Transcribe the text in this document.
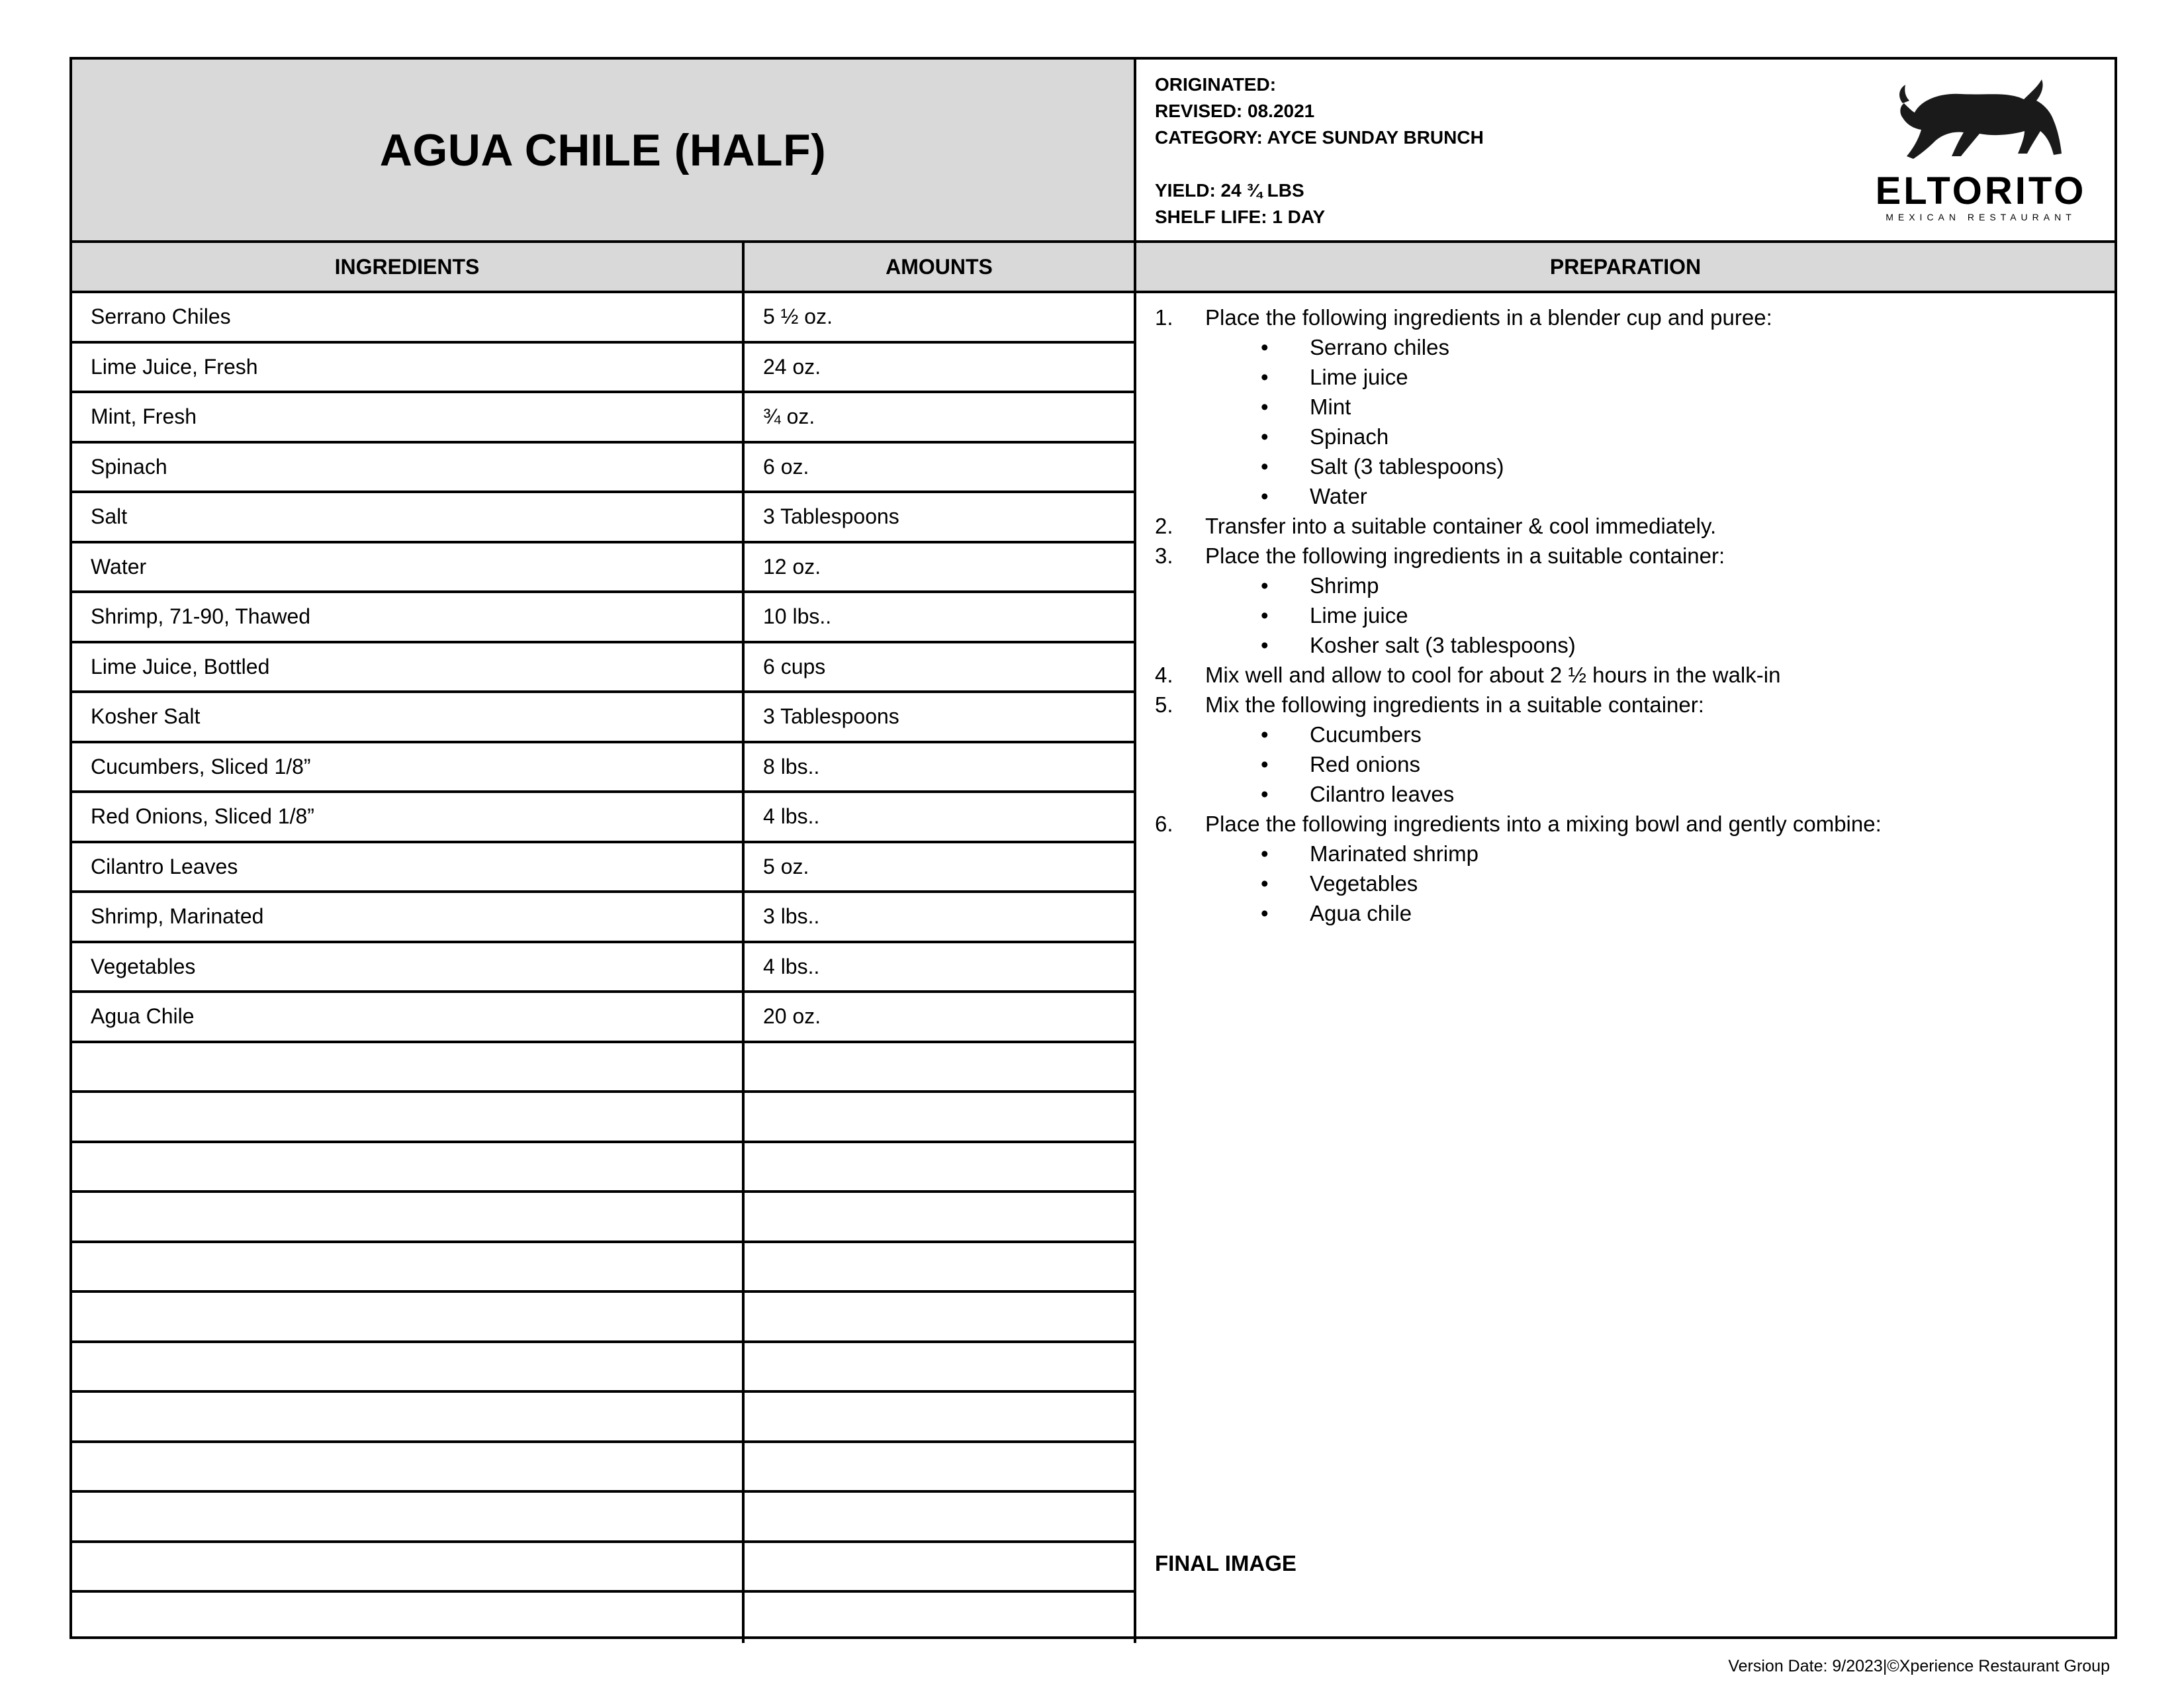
AGUA CHILE (HALF)
ORIGINATED:
REVISED: 08.2021
CATEGORY: AYCE SUNDAY BRUNCH
YIELD: 24 ¾ LBS
SHELF LIFE: 1 DAY
ELTORITO
MEXICAN RESTAURANT
INGREDIENTS	AMOUNTS	PREPARATION
Serrano Chiles	5 ½ oz.
Lime Juice, Fresh	24 oz.
Mint, Fresh	¾ oz.
Spinach	6 oz.
Salt	3 Tablespoons
Water	12 oz.
Shrimp, 71-90, Thawed	10 lbs..
Lime Juice, Bottled	6 cups
Kosher Salt	3 Tablespoons
Cucumbers, Sliced 1/8”	8 lbs..
Red Onions, Sliced 1/8”	4 lbs..
Cilantro Leaves	5 oz.
Shrimp, Marinated	3 lbs..
Vegetables	4 lbs..
Agua Chile	20 oz.
1.	Place the following ingredients in a blender cup and puree:
•	Serrano chiles
•	Lime juice
•	Mint
•	Spinach
•	Salt (3 tablespoons)
•	Water
2.	Transfer into a suitable container & cool immediately.
3.	Place the following ingredients in a suitable container:
•	Shrimp
•	Lime juice
•	Kosher salt (3 tablespoons)
4.	Mix well and allow to cool for about 2 ½ hours in the walk-in
5.	Mix the following ingredients in a suitable container:
•	Cucumbers
•	Red onions
•	Cilantro leaves
6.	Place the following ingredients into a mixing bowl and gently combine:
•	Marinated shrimp
•	Vegetables
•	Agua chile
FINAL IMAGE
Version Date: 9/2023|©Xperience Restaurant Group
